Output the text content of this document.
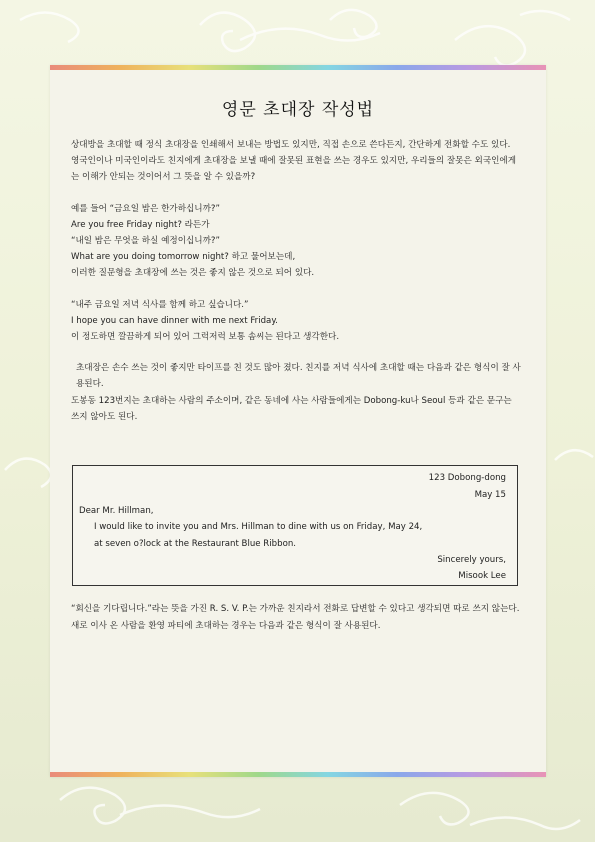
영문 초대장 작성법

상대방을 초대할 때 정식 초대장을 인쇄해서 보내는 방법도 있지만, 직접 손으로 쓴다든지, 간단하게 전화할 수도 있다.

영국인이나 미국인이라도 친지에게 초대장을 보낼 때에 잘못된 표현을 쓰는 경우도 있지만, 우리들의 잘못은 외국인에게는 이해가 안되는 것이어서 그 뜻을 알 수 있을까?

예를 들어 “금요일 밤은 한가하십니까?”

Are you free Friday night? 라든가

“내일 밤은 무엇을 하실 예정이십니까?”

What are you doing tomorrow night? 하고 물어보는데,

이러한 질문형을 초대장에 쓰는 것은 좋지 않은 것으로 되어 있다.

“내주 금요일 저녁 식사를 함께 하고 싶습니다.”

I hope you can have dinner with me next Friday.

이 정도하면 깔끔하게 되어 있어 그럭저럭 보통 솜씨는 된다고 생각한다.

초대장은 손수 쓰는 것이 좋지만 타이프를 친 것도 많아 졌다. 친지를 저녁 식사에 초대할 때는 다음과 같은 형식이 잘 사용된다.

도봉동 123번지는 초대하는 사람의 주소이며, 같은 동네에 사는 사람들에게는 Dobong-ku나 Seoul 등과 같은 문구는 쓰지 않아도 된다.

123 Dobong-dong
May 15
Dear Mr. Hillman,
I would like to invite you and Mrs. Hillman to dine with us on Friday, May 24,
at seven o?lock at the Restaurant Blue Ribbon.
Sincerely yours,
Misook Lee
“회신을 기다립니다.”라는 뜻을 가진 R. S. V. P.는 가까운 친지라서 전화로 답변할 수 있다고 생각되면 따로 쓰지 않는다. 새로 이사 온 사람을 환영 파티에 초대하는 경우는 다음과 같은 형식이 잘 사용된다.
